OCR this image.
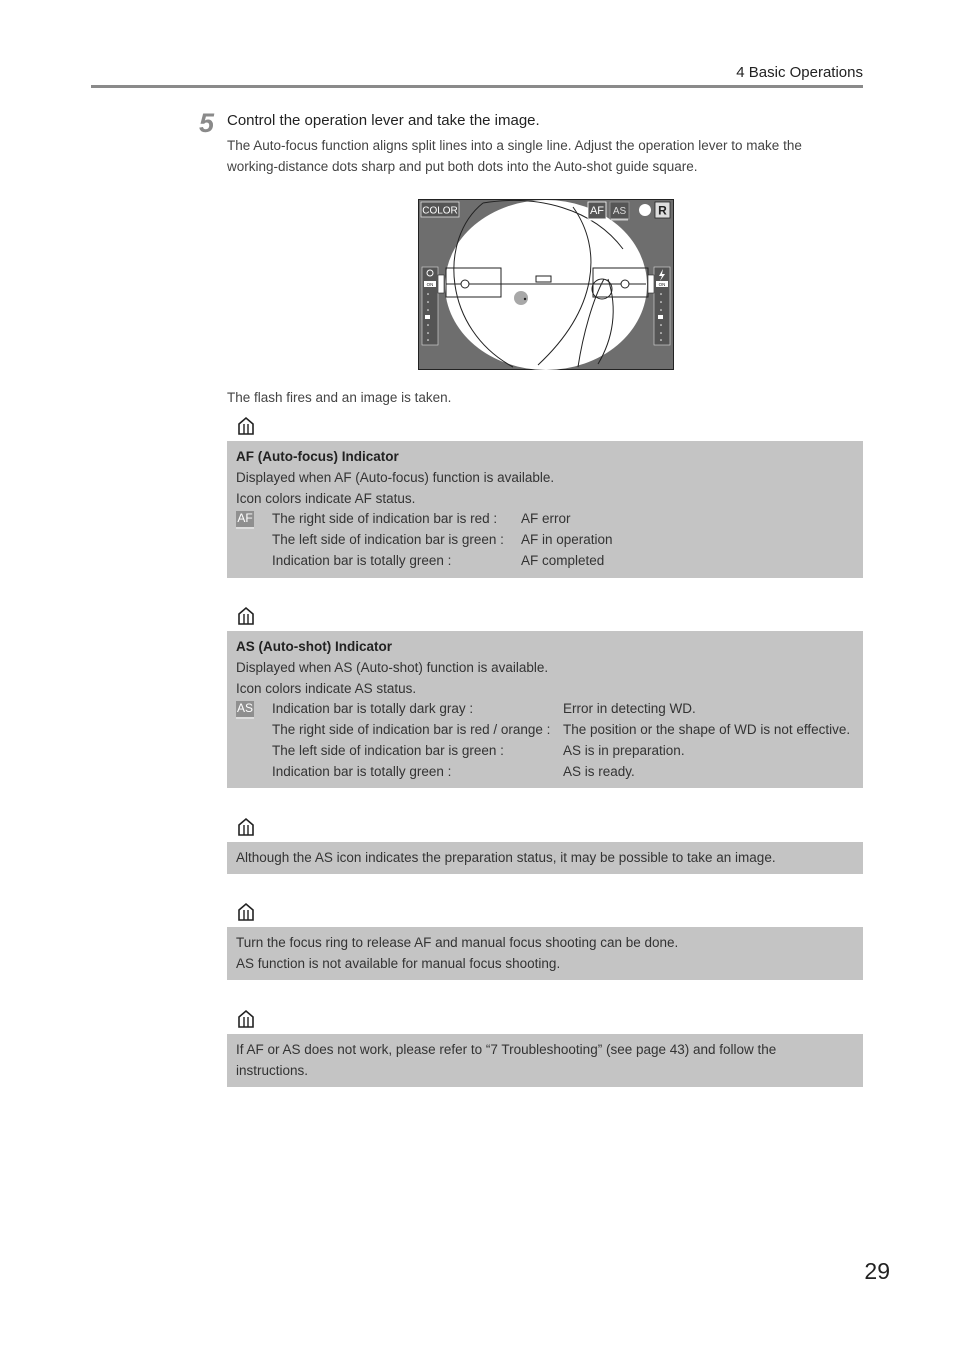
4 Basic Operations
5 Control the operation lever and take the image.
The Auto-focus function aligns split lines into a single line. Adjust the operation lever to make the working-distance dots sharp and put both dots into the Auto-shot guide square.
COLOR	AF AS	R
ON	ON
The flash fires and an image is taken.
AF (Auto-focus) Indicator
Displayed when AF (Auto-focus) function is available.
Icon colors indicate AF status.
AF The right side of indication bar is red :	AF error
The left side of indication bar is green :	AF in operation
Indication bar is totally green :	AF completed
AS (Auto-shot) Indicator
Displayed when AS (Auto-shot) function is available.
Icon colors indicate AS status.
AS Indication bar is totally dark gray :	Error in detecting WD.
The right side of indication bar is red / orange : The position or the shape of WD is not effective.
The left side of indication bar is green :	AS is in preparation.
Indication bar is totally green :	AS is ready.
Although the AS icon indicates the preparation status, it may be possible to take an image.
Turn the focus ring to release AF and manual focus shooting can be done.
AS function is not available for manual focus shooting.
If AF or AS does not work, please refer to “7 Troubleshooting” (see page 43) and follow the
instructions.
29
